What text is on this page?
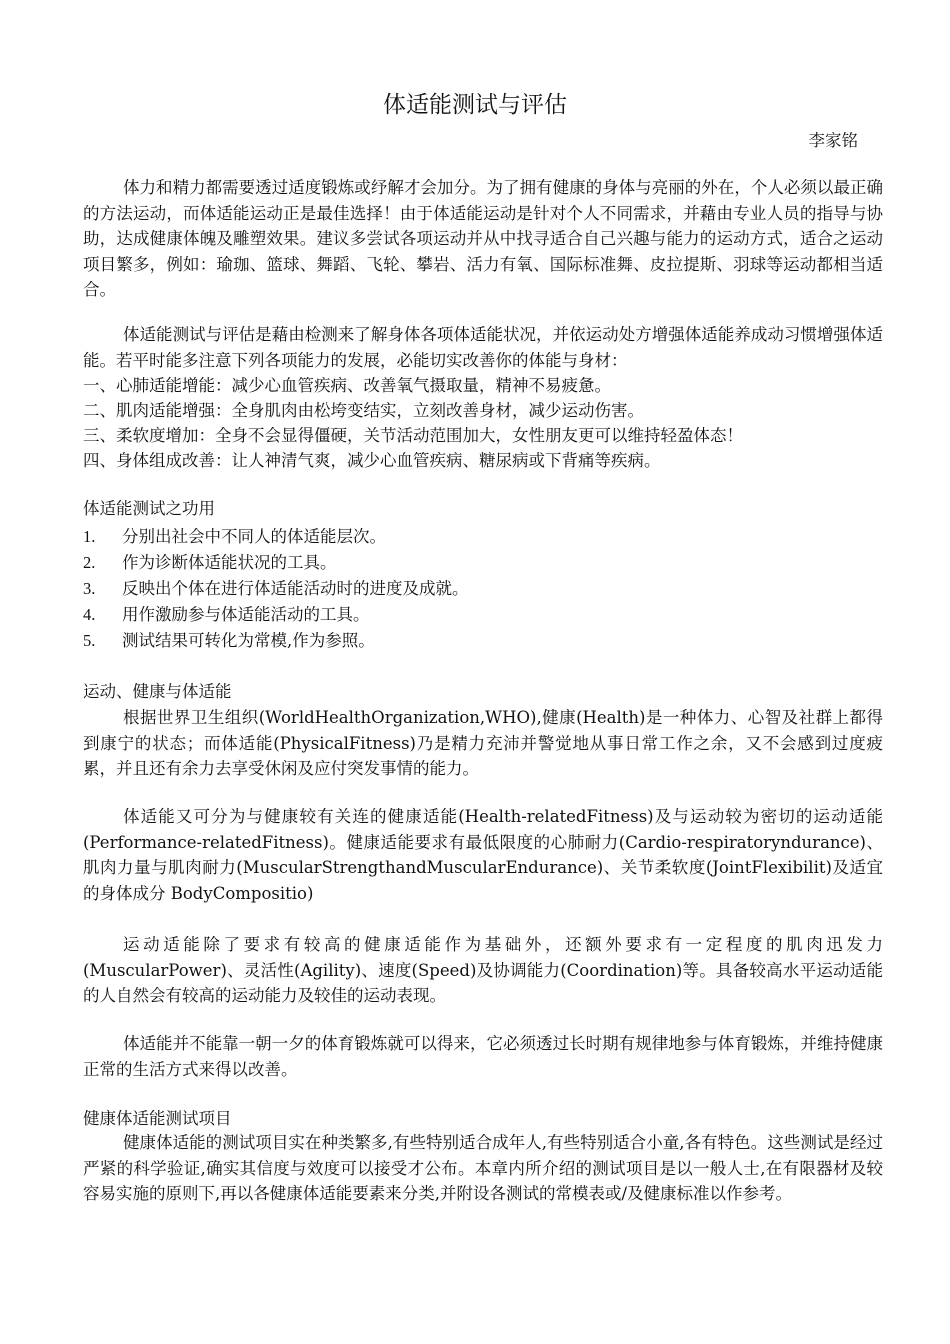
体适能测试与评估
李家铭

体力和精力都需要透过适度锻炼或纾解才会加分。为了拥有健康的身体与亮丽的外在，个人必须以最正确的方法运动，而体适能运动正是最佳选择！由于体适能运动是针对个人不同需求，并藉由专业人员的指导与协助，达成健康体魄及雕塑效果。建议多尝试各项运动并从中找寻适合自己兴趣与能力的运动方式，适合之运动项目繁多，例如：瑜珈、篮球、舞蹈、飞轮、攀岩、活力有氧、国际标准舞、皮拉提斯、羽球等运动都相当适合。

体适能测试与评估是藉由检测来了解身体各项体适能状况，并依运动处方增强体适能养成动习惯增强体适能。若平时能多注意下列各项能力的发展，必能切实改善你的体能与身材：

一、心肺适能增能：减少心血管疾病、改善氧气摄取量，精神不易疲惫。
二、肌肉适能增强：全身肌肉由松垮变结实，立刻改善身材，减少运动伤害。
三、柔软度增加：全身不会显得僵硬，关节活动范围加大，女性朋友更可以维持轻盈体态！
四、身体组成改善：让人神清气爽，减少心血管疾病、糖尿病或下背痛等疾病。
体适能测试之功用
1.	分别出社会中不同人的体适能层次。
2.	作为诊断体适能状况的工具。
3.	反映出个体在进行体适能活动时的进度及成就。
4.	用作激励参与体适能活动的工具。
5.	测试结果可转化为常模,作为参照。
运动、健康与体适能

根据世界卫生组织(WorldHealthOrganization,WHO),健康(Health)是一种体力、心智及社群上都得到康宁的状态；而体适能(PhysicalFitness)乃是精力充沛并警觉地从事日常工作之余，又不会感到过度疲累，并且还有余力去享受休闲及应付突发事情的能力。

体适能又可分为与健康较有关连的健康适能(Health-relatedFitness)及与运动较为密切的运动适能(Performance-relatedFitness)。健康适能要求有最低限度的心肺耐力(Cardio-respiratoryndurance)、肌肉力量与肌肉耐力(MuscularStrengthandMuscularEndurance)、关节柔软度(JointFlexibilit)及适宜的身体成分 BodyCompositio)

运动适能除了要求有较高的健康适能作为基础外，还额外要求有一定程度的肌肉迅发力(MuscularPower)、灵活性(Agility)、速度(Speed)及协调能力(Coordination)等。具备较高水平运动适能的人自然会有较高的运动能力及较佳的运动表现。

体适能并不能靠一朝一夕的体育锻炼就可以得来，它必须透过长时期有规律地参与体育锻炼，并维持健康正常的生活方式来得以改善。

健康体适能测试项目

健康体适能的测试项目实在种类繁多,有些特别适合成年人,有些特别适合小童,各有特色。这些测试是经过严紧的科学验证,确实其信度与效度可以接受才公布。本章内所介绍的测试项目是以一般人士,在有限器材及较容易实施的原则下,再以各健康体适能要素来分类,并附设各测试的常模表或/及健康标准以作参考。
